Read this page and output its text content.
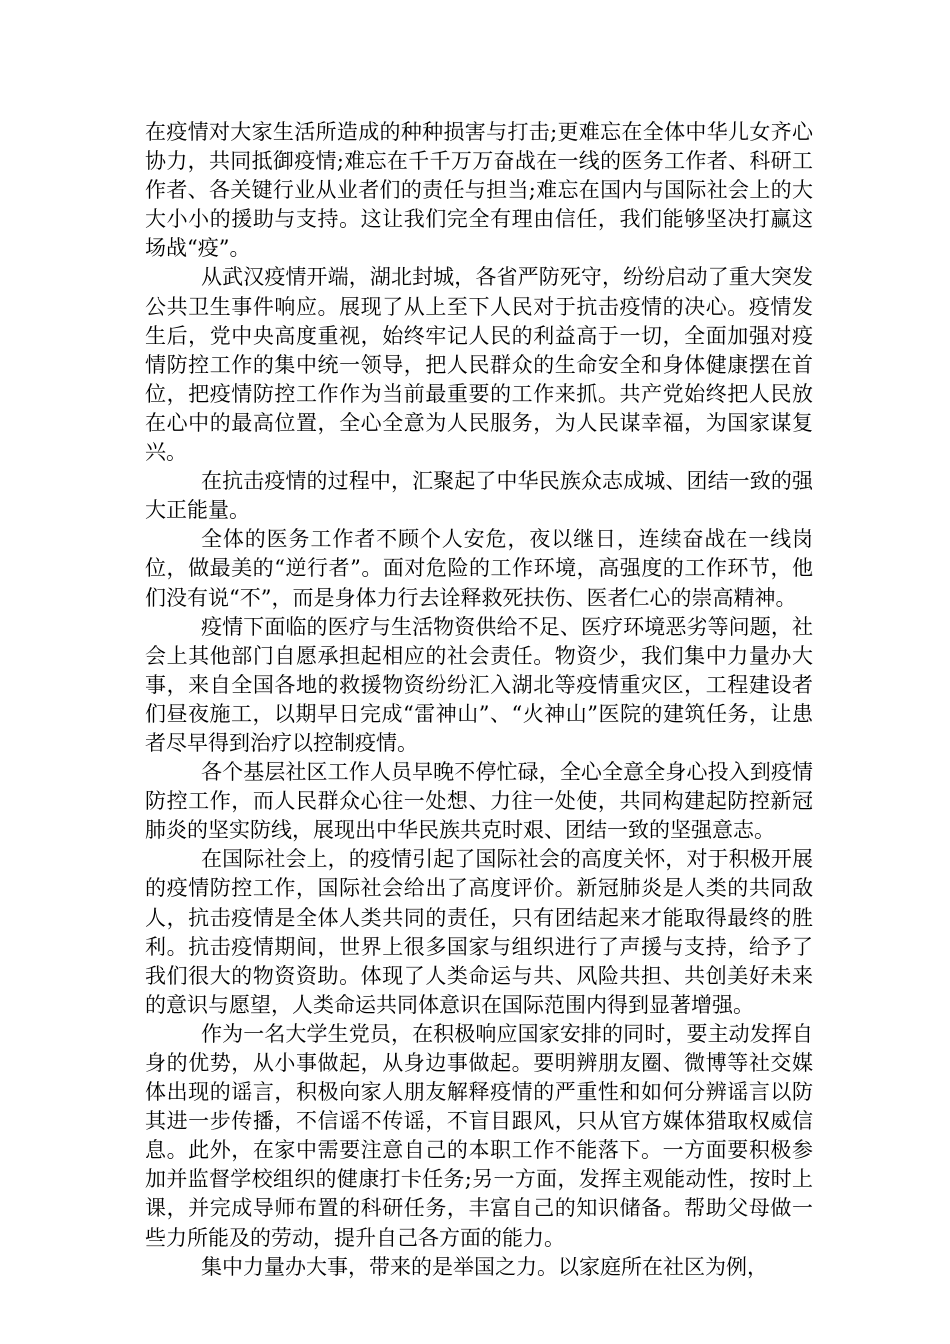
在疫情对大家生活所造成的种种损害与打击;更难忘在全体中华儿女齐心协力，共同抵御疫情;难忘在千千万万奋战在一线的医务工作者、科研工作者、各关键行业从业者们的责任与担当;难忘在国内与国际社会上的大大小小的援助与支持。这让我们完全有理由信任，我们能够坚决打赢这场战“疫”。

从武汉疫情开端，湖北封城，各省严防死守，纷纷启动了重大突发公共卫生事件响应。展现了从上至下人民对于抗击疫情的决心。疫情发生后，党中央高度重视，始终牢记人民的利益高于一切，全面加强对疫情防控工作的集中统一领导，把人民群众的生命安全和身体健康摆在首位，把疫情防控工作作为当前最重要的工作来抓。共产党始终把人民放在心中的最高位置，全心全意为人民服务，为人民谋幸福，为国家谋复兴。

在抗击疫情的过程中，汇聚起了中华民族众志成城、团结一致的强大正能量。

全体的医务工作者不顾个人安危，夜以继日，连续奋战在一线岗位，做最美的“逆行者”。面对危险的工作环境，高强度的工作环节，他们没有说“不”，而是身体力行去诠释救死扶伤、医者仁心的崇高精神。

疫情下面临的医疗与生活物资供给不足、医疗环境恶劣等问题，社会上其他部门自愿承担起相应的社会责任。物资少，我们集中力量办大事，来自全国各地的救援物资纷纷汇入湖北等疫情重灾区，工程建设者们昼夜施工，以期早日完成“雷神山”、“火神山”医院的建筑任务，让患者尽早得到治疗以控制疫情。

各个基层社区工作人员早晚不停忙碌，全心全意全身心投入到疫情防控工作，而人民群众心往一处想、力往一处使，共同构建起防控新冠肺炎的坚实防线，展现出中华民族共克时艰、团结一致的坚强意志。

在国际社会上，的疫情引起了国际社会的高度关怀，对于积极开展的疫情防控工作，国际社会给出了高度评价。新冠肺炎是人类的共同敌人，抗击疫情是全体人类共同的责任，只有团结起来才能取得最终的胜利。抗击疫情期间，世界上很多国家与组织进行了声援与支持，给予了我们很大的物资资助。体现了人类命运与共、风险共担、共创美好未来的意识与愿望，人类命运共同体意识在国际范围内得到显著增强。

作为一名大学生党员，在积极响应国家安排的同时，要主动发挥自身的优势，从小事做起，从身边事做起。要明辨朋友圈、微博等社交媒体出现的谣言，积极向家人朋友解释疫情的严重性和如何分辨谣言以防其进一步传播，不信谣不传谣，不盲目跟风，只从官方媒体猎取权威信息。此外，在家中需要注意自己的本职工作不能落下。一方面要积极参加并监督学校组织的健康打卡任务;另一方面，发挥主观能动性，按时上课，并完成导师布置的科研任务，丰富自己的知识储备。帮助父母做一些力所能及的劳动，提升自己各方面的能力。

集中力量办大事，带来的是举国之力。以家庭所在社区为例，
